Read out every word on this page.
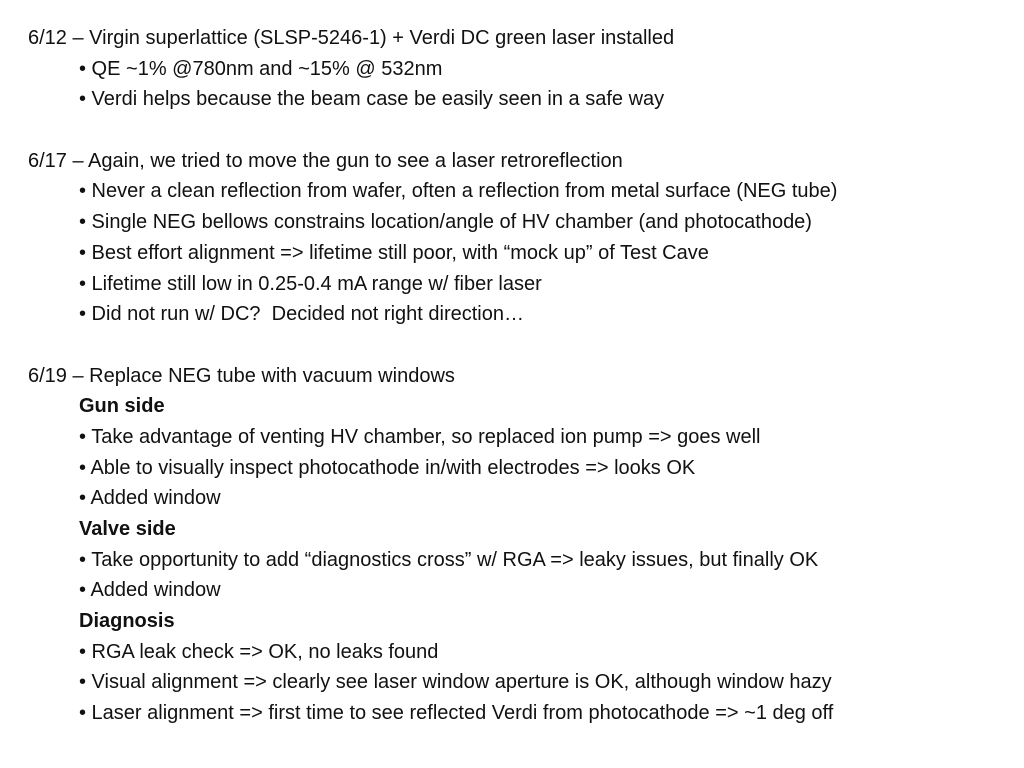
6/12 – Virgin superlattice (SLSP-5246-1) + Verdi DC green laser installed
• QE ~1% @780nm and ~15% @ 532nm
• Verdi helps because the beam case be easily seen in a safe way
6/17 – Again, we tried to move the gun to see a laser retroreflection
• Never a clean reflection from wafer, often a reflection from metal surface (NEG tube)
• Single NEG bellows constrains location/angle of HV chamber (and photocathode)
• Best effort alignment => lifetime still poor, with “mock up” of Test Cave
• Lifetime still low in 0.25-0.4 mA range w/ fiber laser
• Did not run w/ DC?  Decided not right direction…
6/19 – Replace NEG tube with vacuum windows
Gun side
• Take advantage of venting HV chamber, so replaced ion pump => goes well
• Able to visually inspect photocathode in/with electrodes => looks OK
• Added window
Valve side
• Take opportunity to add “diagnostics cross” w/ RGA => leaky issues, but finally OK
• Added window
Diagnosis
• RGA leak check => OK, no leaks found
• Visual alignment => clearly see laser window aperture is OK, although window hazy
• Laser alignment => first time to see reflected Verdi from photocathode => ~1 deg off
